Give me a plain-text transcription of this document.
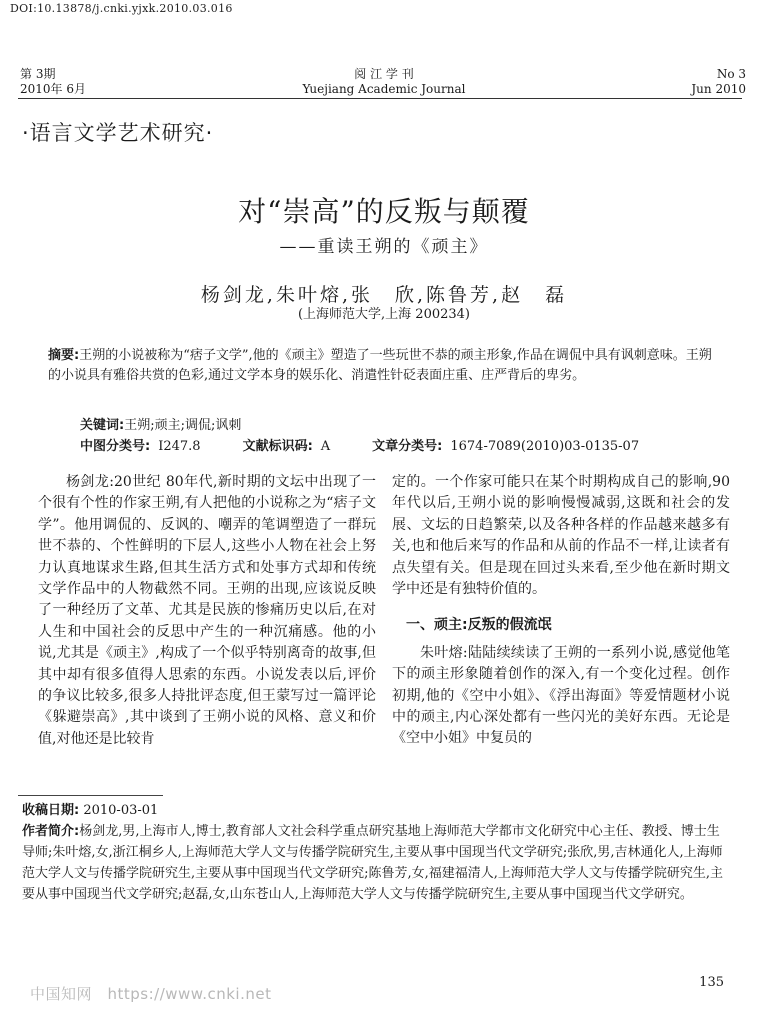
DOI:10.13878/j.cnki.yjxk.2010.03.016
第 3期
2010年 6月
阅 江 学 刊
Yuejiang Academic Journal
No 3
Jun 2010
·语言文学艺术研究·
对“崇高”的反叛与颠覆
——重读王朔的《顽主》
杨剑龙,朱叶熔,张　欣,陈鲁芳,赵　磊
(上海师范大学,上海 200234)
摘要:王朔的小说被称为“痞子文学”,他的《顽主》塑造了一些玩世不恭的顽主形象,作品在调侃中具有讽刺意味。王朔的小说具有雅俗共赏的色彩,通过文学本身的娱乐化、消遣性针砭表面庄重、庄严背后的卑劣。
关键词:王朔;顽主;调侃;讽刺
中图分类号: I247.8	文献标识码: A	文章分类号: 1674-7089(2010)03-0135-07

杨剑龙:20世纪 80年代,新时期的文坛中出现了一个很有个性的作家王朔,有人把他的小说称之为“痞子文学”。他用调侃的、反讽的、嘲弄的笔调塑造了一群玩世不恭的、个性鲜明的下层人,这些小人物在社会上努力认真地谋求生路,但其生活方式和处事方式却和传统文学作品中的人物截然不同。王朔的出现,应该说反映了一种经历了文革、尤其是民族的惨痛历史以后,在对人生和中国社会的反思中产生的一种沉痛感。他的小说,尤其是《顽主》,构成了一个似乎特别离奇的故事,但其中却有很多值得人思索的东西。小说发表以后,评价的争议比较多,很多人持批评态度,但王蒙写过一篇评论《躲避崇高》,其中谈到了王朔小说的风格、意义和价值,对他还是比较肯

定的。一个作家可能只在某个时期构成自己的影响,90年代以后,王朔小说的影响慢慢减弱,这既和社会的发展、文坛的日趋繁荣,以及各种各样的作品越来越多有关,也和他后来写的作品和从前的作品不一样,让读者有点失望有关。但是现在回过头来看,至少他在新时期文学中还是有独特价值的。

一、顽主:反叛的假流氓

朱叶熔:陆陆续续读了王朔的一系列小说,感觉他笔下的顽主形象随着创作的深入,有一个变化过程。创作初期,他的《空中小姐》、《浮出海面》等爱情题材小说中的顽主,内心深处都有一些闪光的美好东西。无论是《空中小姐》中复员的

收稿日期: 2010-03-01
作者简介:杨剑龙,男,上海市人,博士,教育部人文社会科学重点研究基地上海师范大学都市文化研究中心主任、教授、博士生导师;朱叶熔,女,浙江桐乡人,上海师范大学人文与传播学院研究生,主要从事中国现当代文学研究;张欣,男,吉林通化人,上海师范大学人文与传播学院研究生,主要从事中国现当代文学研究;陈鲁芳,女,福建福清人,上海师范大学人文与传播学院研究生,主要从事中国现当代文学研究;赵磊,女,山东苍山人,上海师范大学人文与传播学院研究生,主要从事中国现当代文学研究。
中国知网　https://www.cnki.net
135
